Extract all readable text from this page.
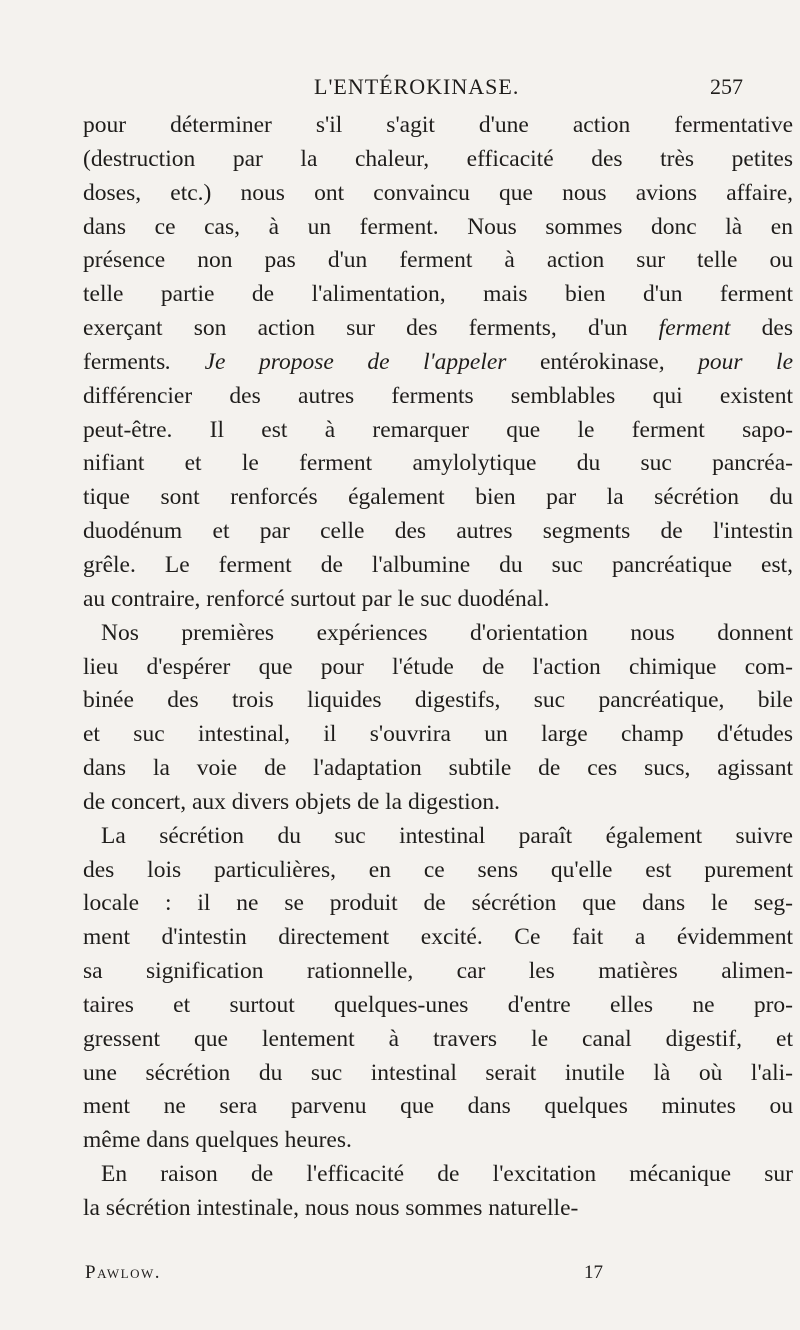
L'ENTÉROKINASE.	257
pour déterminer s'il s'agit d'une action fermentative
(destruction par la chaleur, efficacité des très petites
doses, etc.) nous ont convaincu que nous avions affaire,
dans ce cas, à un ferment. Nous sommes donc là en
présence non pas d'un ferment à action sur telle ou
telle partie de l'alimentation, mais bien d'un ferment
exerçant son action sur des ferments, d'un ferment des
ferments. Je propose de l'appeler entérokinase, pour le
différencier des autres ferments semblables qui existent
peut-être. Il est à remarquer que le ferment sapo-
nifiant et le ferment amylolytique du suc pancréa-
tique sont renforcés également bien par la sécrétion du
duodénum et par celle des autres segments de l'intestin
grêle. Le ferment de l'albumine du suc pancréatique est,
au contraire, renforcé surtout par le suc duodénal.
Nos premières expériences d'orientation nous donnent
lieu d'espérer que pour l'étude de l'action chimique com-
binée des trois liquides digestifs, suc pancréatique, bile
et suc intestinal, il s'ouvrira un large champ d'études
dans la voie de l'adaptation subtile de ces sucs, agissant
de concert, aux divers objets de la digestion.
La sécrétion du suc intestinal paraît également suivre
des lois particulières, en ce sens qu'elle est purement
locale : il ne se produit de sécrétion que dans le seg-
ment d'intestin directement excité. Ce fait a évidemment
sa signification rationnelle, car les matières alimen-
taires et surtout quelques-unes d'entre elles ne pro-
gressent que lentement à travers le canal digestif, et
une sécrétion du suc intestinal serait inutile là où l'ali-
ment ne sera parvenu que dans quelques minutes ou
même dans quelques heures.
En raison de l'efficacité de l'excitation mécanique sur
la sécrétion intestinale, nous nous sommes naturelle-
Pawlow.	17
